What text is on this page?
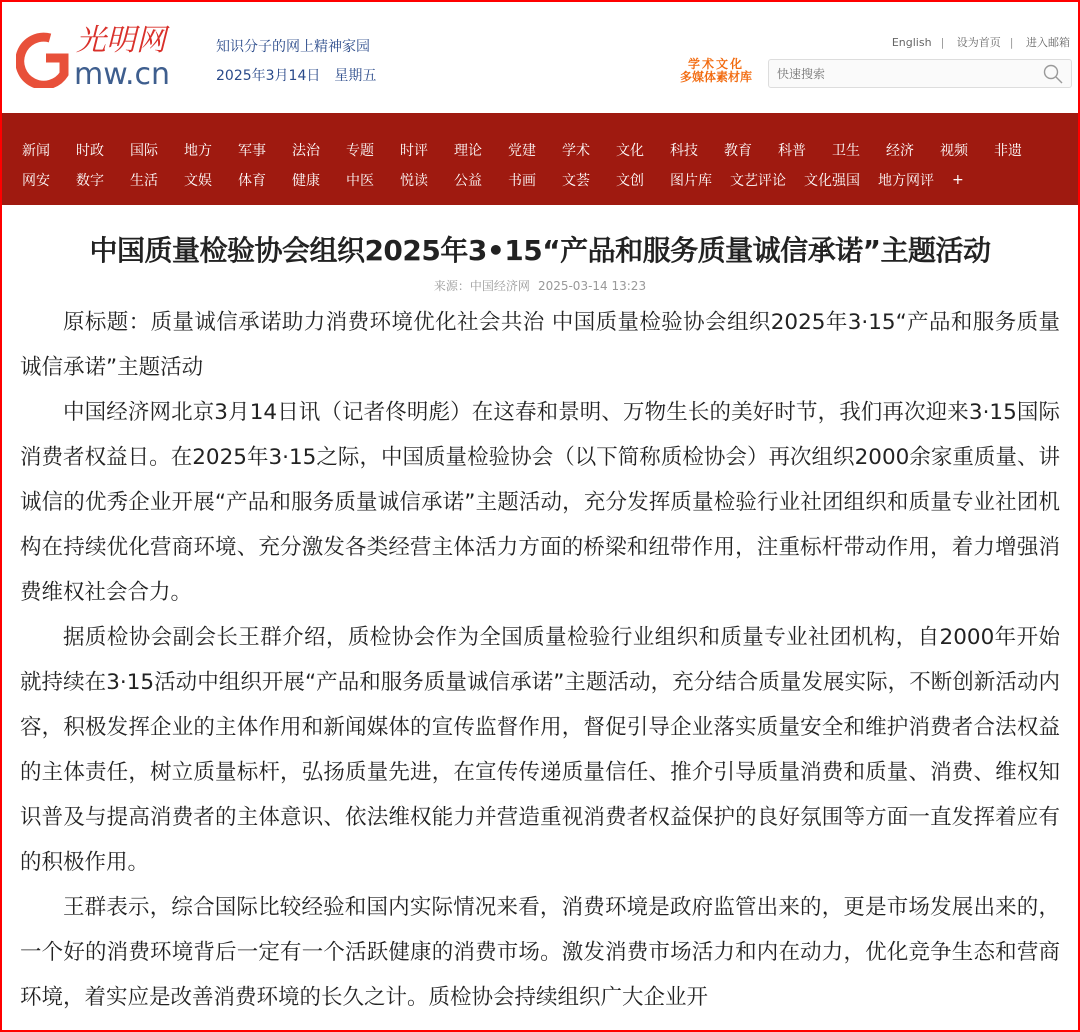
光明网
mw.cn
知识分子的网上精神家园
2025年3月14日 星期五
English | 设为首页 | 进入邮箱
学术文化
多媒体素材库
快速搜索
新闻 时政 国际 地方 军事 法治 专题 时评 理论 党建 学术 文化 科技 教育 科普 卫生 经济 视频 非遗
网安 数字 生活 文娱 体育 健康 中医 悦读 公益 书画 文荟 文创 图片库 文艺评论 文化强国 地方网评 +
中国质量检验协会组织2025年3•15“产品和服务质量诚信承诺”主题活动
来源：中国经济网 2025-03-14 13:23

原标题：质量诚信承诺助力消费环境优化社会共治 中国质量检验协会组织2025年3·15“产品和服务质量诚信承诺”主题活动

中国经济网北京3月14日讯（记者佟明彪）在这春和景明、万物生长的美好时节，我们再次迎来3·15国际消费者权益日。在2025年3·15之际，中国质量检验协会（以下简称质检协会）再次组织2000余家重质量、讲诚信的优秀企业开展“产品和服务质量诚信承诺”主题活动，充分发挥质量检验行业社团组织和质量专业社团机构在持续优化营商环境、充分激发各类经营主体活力方面的桥梁和纽带作用，注重标杆带动作用，着力增强消费维权社会合力。

据质检协会副会长王群介绍，质检协会作为全国质量检验行业组织和质量专业社团机构，自2000年开始就持续在3·15活动中组织开展“产品和服务质量诚信承诺”主题活动，充分结合质量发展实际，不断创新活动内容，积极发挥企业的主体作用和新闻媒体的宣传监督作用，督促引导企业落实质量安全和维护消费者合法权益的主体责任，树立质量标杆，弘扬质量先进，在宣传传递质量信任、推介引导质量消费和质量、消费、维权知识普及与提高消费者的主体意识、依法维权能力并营造重视消费者权益保护的良好氛围等方面一直发挥着应有的积极作用。

王群表示，综合国际比较经验和国内实际情况来看，消费环境是政府监管出来的，更是市场发展出来的，一个好的消费环境背后一定有一个活跃健康的消费市场。激发消费市场活力和内在动力，优化竞争生态和营商环境，着实应是改善消费环境的长久之计。质检协会持续组织广大企业开
